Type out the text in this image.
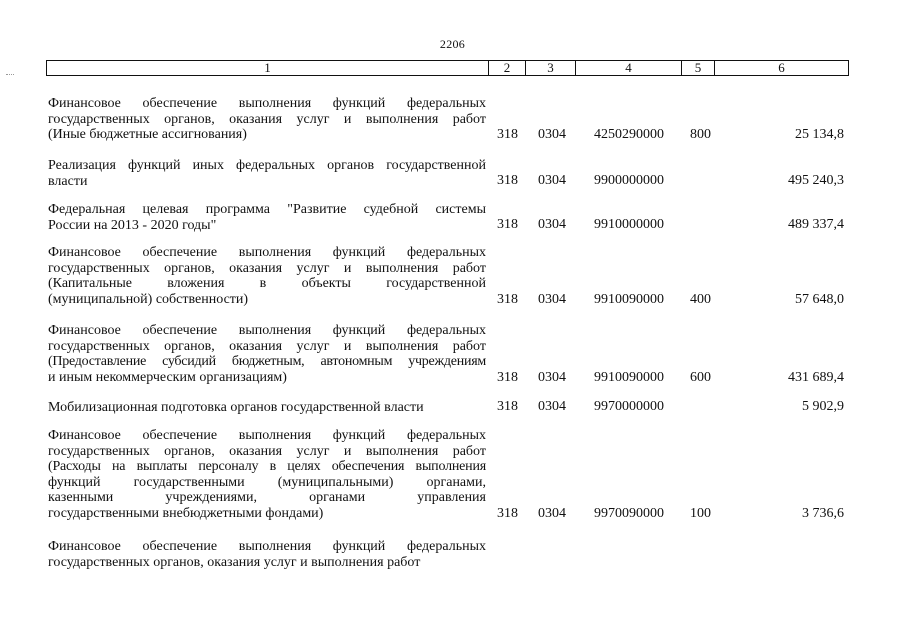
2206
1	2	3	4	5	6
Финансовое обеспечение выполнения функций федеральных
государственных органов, оказания услуг и выполнения работ
(Иные бюджетные ассигнования)	318 0304 4250290000 800	25 134,8
Реализация функций иных федеральных органов государственной
власти	318 0304 9900000000	495 240,3
Федеральная целевая программа "Развитие судебной системы
России на 2013 - 2020 годы"	318 0304 9910000000	489 337,4
Финансовое обеспечение выполнения функций федеральных
государственных органов, оказания услуг и выполнения работ
(Капитальные вложения в объекты государственной
(муниципальной) собственности)	318 0304 9910090000 400	57 648,0
Финансовое обеспечение выполнения функций федеральных
государственных органов, оказания услуг и выполнения работ
(Предоставление субсидий бюджетным, автономным учреждениям
и иным некоммерческим организациям)	318 0304 9910090000 600	431 689,4
Мобилизационная подготовка органов государственной власти	318 0304 9970000000	5 902,9
Финансовое обеспечение выполнения функций федеральных
государственных органов, оказания услуг и выполнения работ
(Расходы на выплаты персоналу в целях обеспечения выполнения
функций государственными (муниципальными) органами,
казенными учреждениями, органами управления
государственными внебюджетными фондами)	318 0304 9970090000 100	3 736,6
Финансовое обеспечение выполнения функций федеральных
государственных органов, оказания услуг и выполнения работ
